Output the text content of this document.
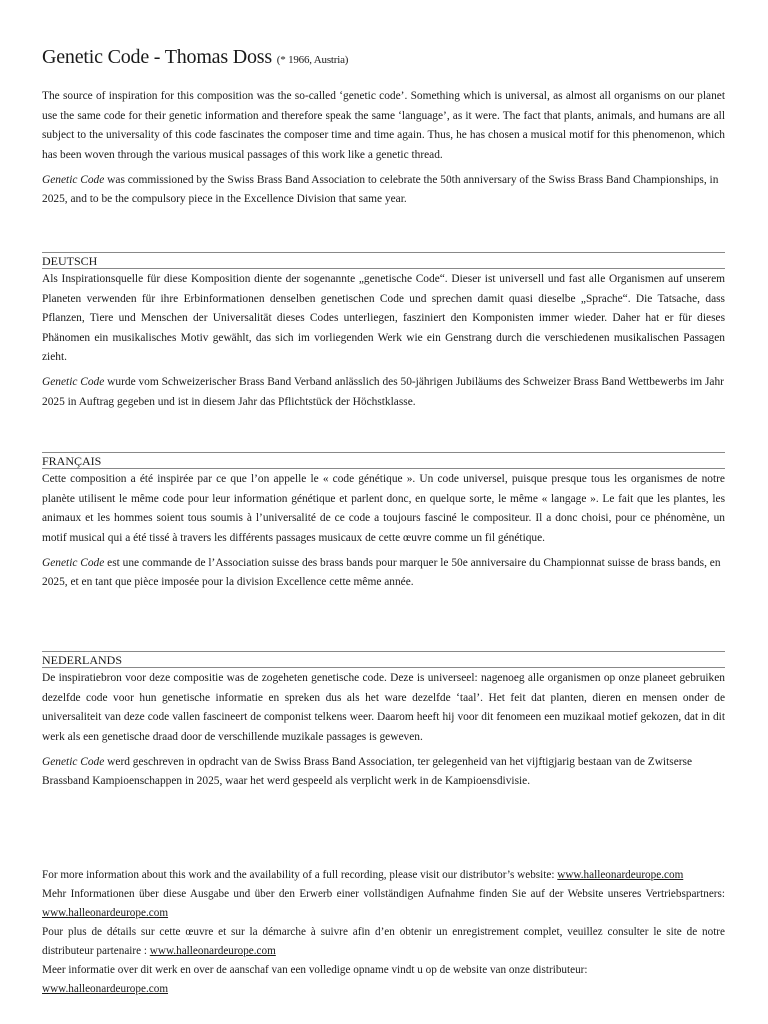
Genetic Code - Thomas Doss (* 1966, Austria)

The source of inspiration for this composition was the so-called ‘genetic code’. Something which is universal, as almost all organisms on our planet use the same code for their genetic information and therefore speak the same ‘language’, as it were. The fact that plants, animals, and humans are all subject to the universality of this code fascinates the composer time and time again. Thus, he has chosen a musical motif for this phenomenon, which has been woven through the various musical passages of this work like a genetic thread.

Genetic Code was commissioned by the Swiss Brass Band Association to celebrate the 50th anniversary of the Swiss Brass Band Championships, in 2025, and to be the compulsory piece in the Excellence Division that same year.

DEUTSCH

Als Inspirationsquelle für diese Komposition diente der sogenannte „genetische Code“. Dieser ist universell und fast alle Organismen auf unserem Planeten verwenden für ihre Erbinformationen denselben genetischen Code und sprechen damit quasi dieselbe „Sprache“. Die Tatsache, dass Pflanzen, Tiere und Menschen der Universalität dieses Codes unterliegen, fasziniert den Komponisten immer wieder. Daher hat er für dieses Phänomen ein musikalisches Motiv gewählt, das sich im vorliegenden Werk wie ein Genstrang durch die verschiedenen musikalischen Passagen zieht.

Genetic Code wurde vom Schweizerischer Brass Band Verband anlässlich des 50-jährigen Jubiläums des Schweizer Brass Band Wettbewerbs im Jahr 2025 in Auftrag gegeben und ist in diesem Jahr das Pflichtstück der Höchstklasse.

FRANÇAIS

Cette composition a été inspirée par ce que l’on appelle le « code génétique ». Un code universel, puisque presque tous les organismes de notre planète utilisent le même code pour leur information génétique et parlent donc, en quelque sorte, le même « langage ». Le fait que les plantes, les animaux et les hommes soient tous soumis à l’universalité de ce code a toujours fasciné le compositeur. Il a donc choisi, pour ce phénomène, un motif musical qui a été tissé à travers les différents passages musicaux de cette œuvre comme un fil génétique.

Genetic Code est une commande de l’Association suisse des brass bands pour marquer le 50e anniversaire du Championnat suisse de brass bands, en 2025, et en tant que pièce imposée pour la division Excellence cette même année.

NEDERLANDS

De inspiratiebron voor deze compositie was de zogeheten genetische code. Deze is universeel: nagenoeg alle organismen op onze planeet gebruiken dezelfde code voor hun genetische informatie en spreken dus als het ware dezelfde ‘taal’. Het feit dat planten, dieren en mensen onder de universaliteit van deze code vallen fascineert de componist telkens weer. Daarom heeft hij voor dit fenomeen een muzikaal motief gekozen, dat in dit werk als een genetische draad door de verschillende muzikale passages is geweven.

Genetic Code werd geschreven in opdracht van de Swiss Brass Band Association, ter gelegenheid van het vijftigjarig bestaan van de Zwitserse Brassband Kampioenschappen in 2025, waar het werd gespeeld als verplicht werk in de Kampioensdivisie.

For more information about this work and the availability of a full recording, please visit our distributor’s website: www.halleonardeurope.com

Mehr Informationen über diese Ausgabe und über den Erwerb einer vollständigen Aufnahme finden Sie auf der Website unseres Vertriebspartners: www.halleonardeurope.com

Pour plus de détails sur cette œuvre et sur la démarche à suivre afin d’en obtenir un enregistrement complet, veuillez consulter le site de notre distributeur partenaire : www.halleonardeurope.com

Meer informatie over dit werk en over de aanschaf van een volledige opname vindt u op de website van onze distributeur:
www.halleonardeurope.com
